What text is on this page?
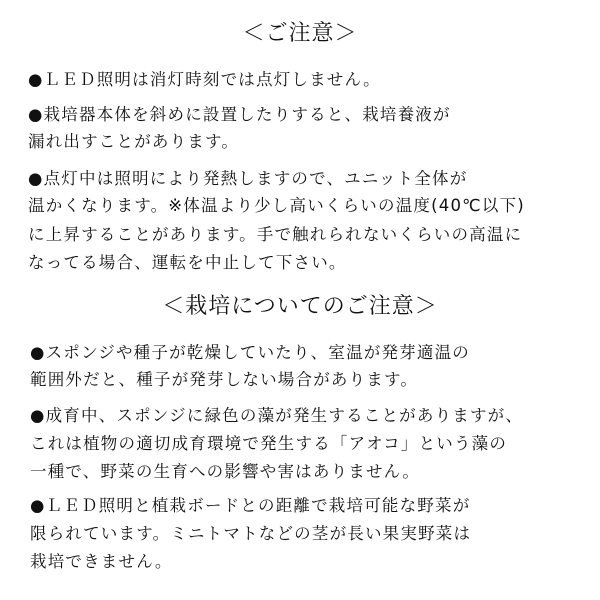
＜ご注意＞
●ＬＥＤ照明は消灯時刻では点灯しません。
●栽培器本体を斜めに設置したりすると、栽培養液が
漏れ出すことがあります。
●点灯中は照明により発熱しますので、ユニット全体が
温かくなります。※体温より少し高いくらいの温度(40℃以下)
に上昇することがあります。手で触れられないくらいの高温に
なってる場合、運転を中止して下さい。
＜栽培についてのご注意＞
●スポンジや種子が乾燥していたり、室温が発芽適温の
範囲外だと、種子が発芽しない場合があります。
●成育中、スポンジに緑色の藻が発生することがありますが、
これは植物の適切成育環境で発生する「アオコ」という藻の
一種で、野菜の生育への影響や害はありません。
●ＬＥＤ照明と植栽ボードとの距離で栽培可能な野菜が
限られています。ミニトマトなどの茎が長い果実野菜は
栽培できません。
